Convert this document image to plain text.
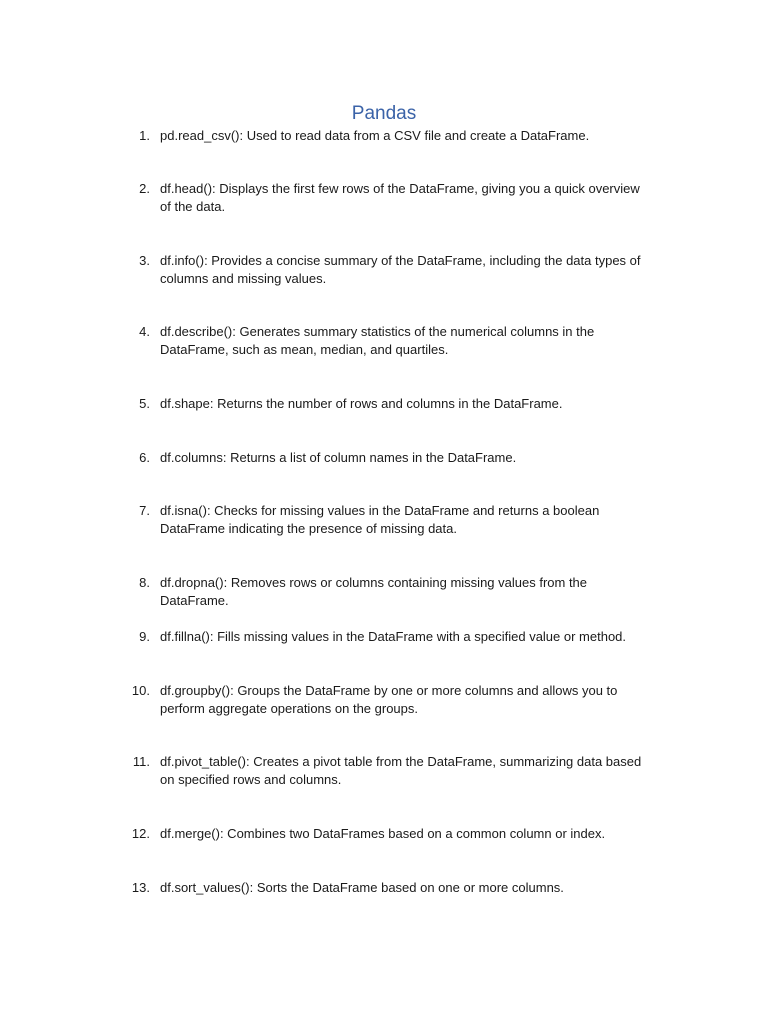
Pandas
1. pd.read_csv(): Used to read data from a CSV file and create a DataFrame.
2. df.head(): Displays the first few rows of the DataFrame, giving you a quick overview of the data.
3. df.info(): Provides a concise summary of the DataFrame, including the data types of columns and missing values.
4. df.describe(): Generates summary statistics of the numerical columns in the DataFrame, such as mean, median, and quartiles.
5. df.shape: Returns the number of rows and columns in the DataFrame.
6. df.columns: Returns a list of column names in the DataFrame.
7. df.isna(): Checks for missing values in the DataFrame and returns a boolean DataFrame indicating the presence of missing data.
8. df.dropna(): Removes rows or columns containing missing values from the DataFrame.
9. df.fillna(): Fills missing values in the DataFrame with a specified value or method.
10. df.groupby(): Groups the DataFrame by one or more columns and allows you to perform aggregate operations on the groups.
11. df.pivot_table(): Creates a pivot table from the DataFrame, summarizing data based on specified rows and columns.
12. df.merge(): Combines two DataFrames based on a common column or index.
13. df.sort_values(): Sorts the DataFrame based on one or more columns.
